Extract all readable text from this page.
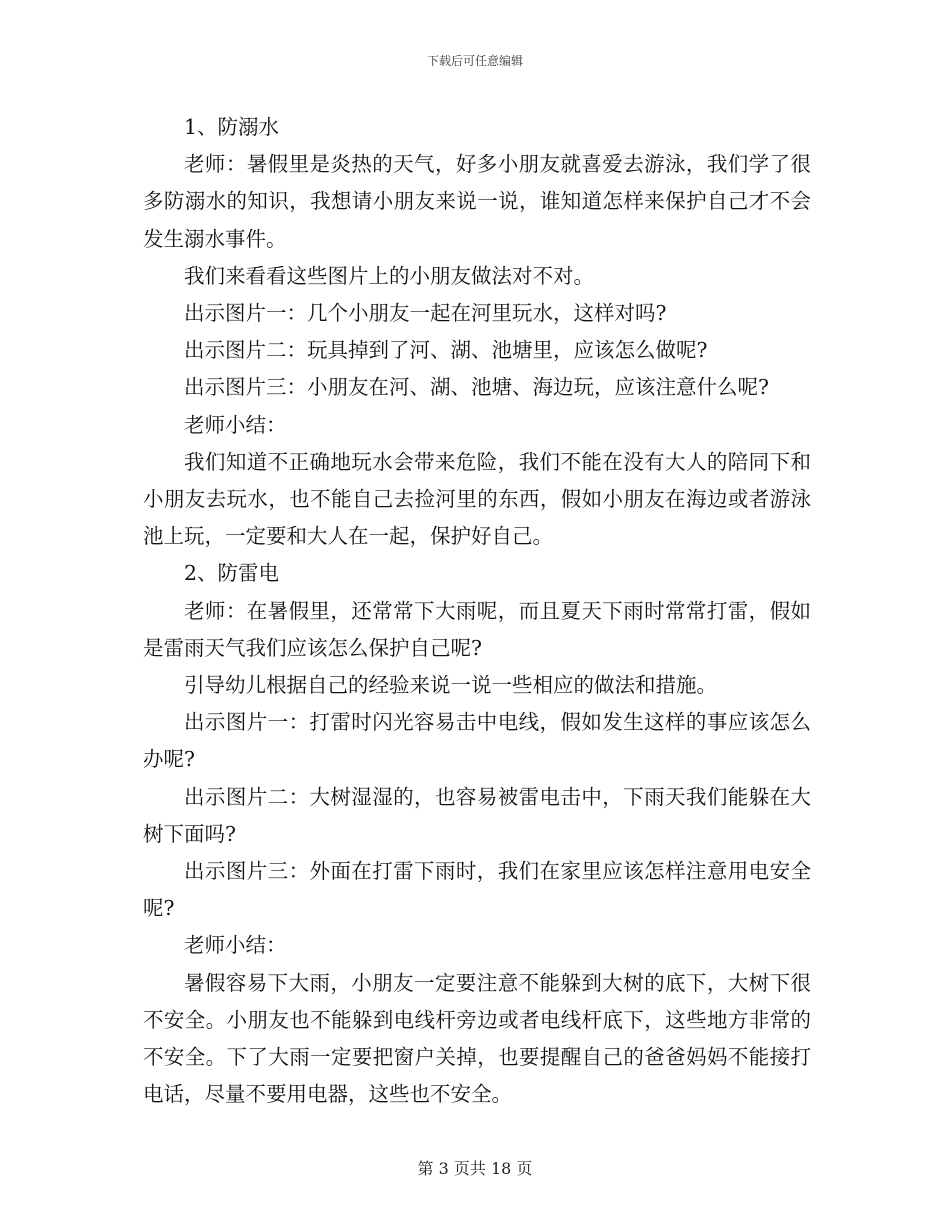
下载后可任意编辑

1、防溺水

老师：暑假里是炎热的天气，好多小朋友就喜爱去游泳，我们学了很多防溺水的知识，我想请小朋友来说一说，谁知道怎样来保护自己才不会发生溺水事件。

我们来看看这些图片上的小朋友做法对不对。

出示图片一：几个小朋友一起在河里玩水，这样对吗?

出示图片二：玩具掉到了河、湖、池塘里，应该怎么做呢?

出示图片三：小朋友在河、湖、池塘、海边玩，应该注意什么呢?

老师小结：

我们知道不正确地玩水会带来危险，我们不能在没有大人的陪同下和小朋友去玩水，也不能自己去捡河里的东西，假如小朋友在海边或者游泳池上玩，一定要和大人在一起，保护好自己。

2、防雷电

老师：在暑假里，还常常下大雨呢，而且夏天下雨时常常打雷，假如是雷雨天气我们应该怎么保护自己呢?

引导幼儿根据自己的经验来说一说一些相应的做法和措施。

出示图片一：打雷时闪光容易击中电线，假如发生这样的事应该怎么办呢?

出示图片二：大树湿湿的，也容易被雷电击中，下雨天我们能躲在大树下面吗?

出示图片三：外面在打雷下雨时，我们在家里应该怎样注意用电安全呢?

老师小结：

暑假容易下大雨，小朋友一定要注意不能躲到大树的底下，大树下很不安全。小朋友也不能躲到电线杆旁边或者电线杆底下，这些地方非常的不安全。下了大雨一定要把窗户关掉，也要提醒自己的爸爸妈妈不能接打电话，尽量不要用电器，这些也不安全。

第 3 页共 18 页
